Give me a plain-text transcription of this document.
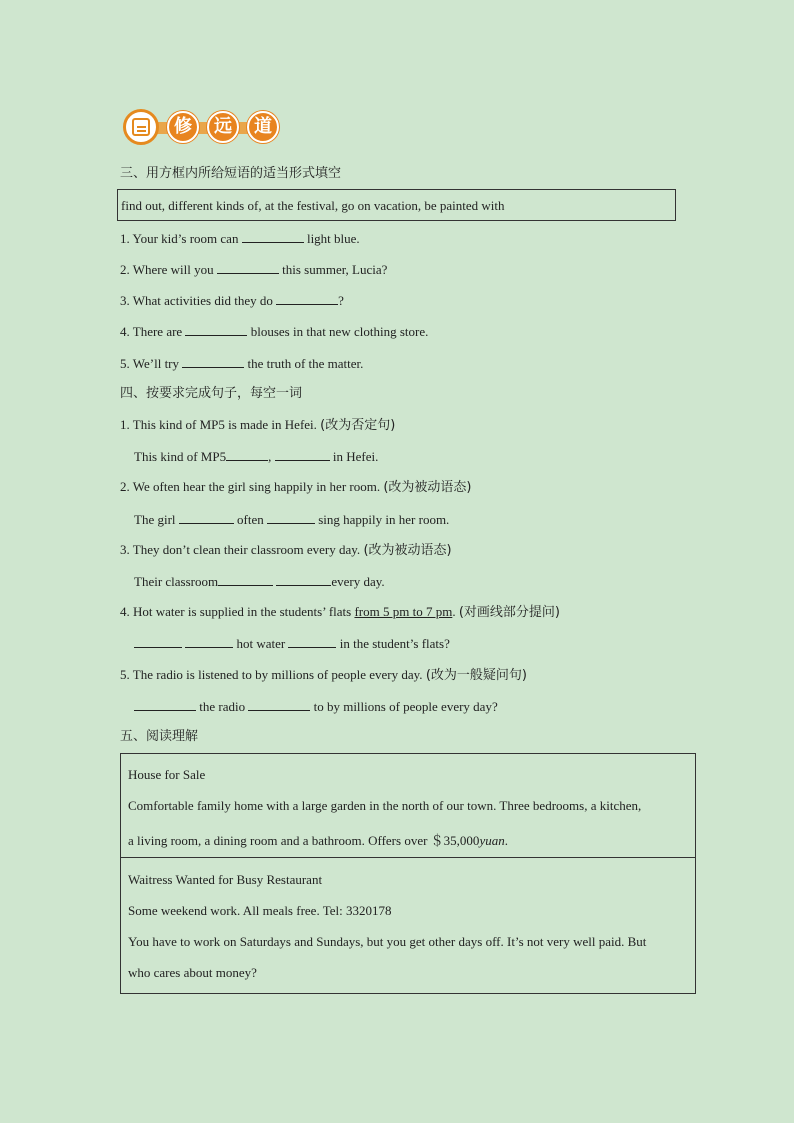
修	远	道
三、用方框内所给短语的适当形式填空
find out, different kinds of, at the festival, go on vacation, be painted with
1. Your kid’s room can	light blue.
2. Where will you	this summer, Lucia?
3. What activities did they do	?
4. There are	blouses in that new clothing store.
5. We’ll try	the truth of the matter.
四、按要求完成句子，每空一词
1. This kind of MP5 is made in Hefei. (改为否定句)
This kind of MP5	,	in Hefei.
2. We often hear the girl sing happily in her room. (改为被动语态)
The girl	often	sing happily in her room.
3. They don’t clean their classroom every day. (改为被动语态)
Their classroom	every day.
4. Hot water is supplied in the students’ flats from 5 pm to 7 pm. (对画线部分提问)
hot water	in the student’s flats?
5. The radio is listened to by millions of people every day. (改为一般疑问句)
the radio	to by millions of people every day?
五、阅读理解
House for Sale
Comfortable family home with a large garden in the north of our town. Three bedrooms, a kitchen,
a living room, a dining room and a bathroom. Offers over ＄35,000yuan.
Waitress Wanted for Busy Restaurant
Some weekend work. All meals free. Tel: 3320178
You have to work on Saturdays and Sundays, but you get other days off. It’s not very well paid. But
who cares about money?
